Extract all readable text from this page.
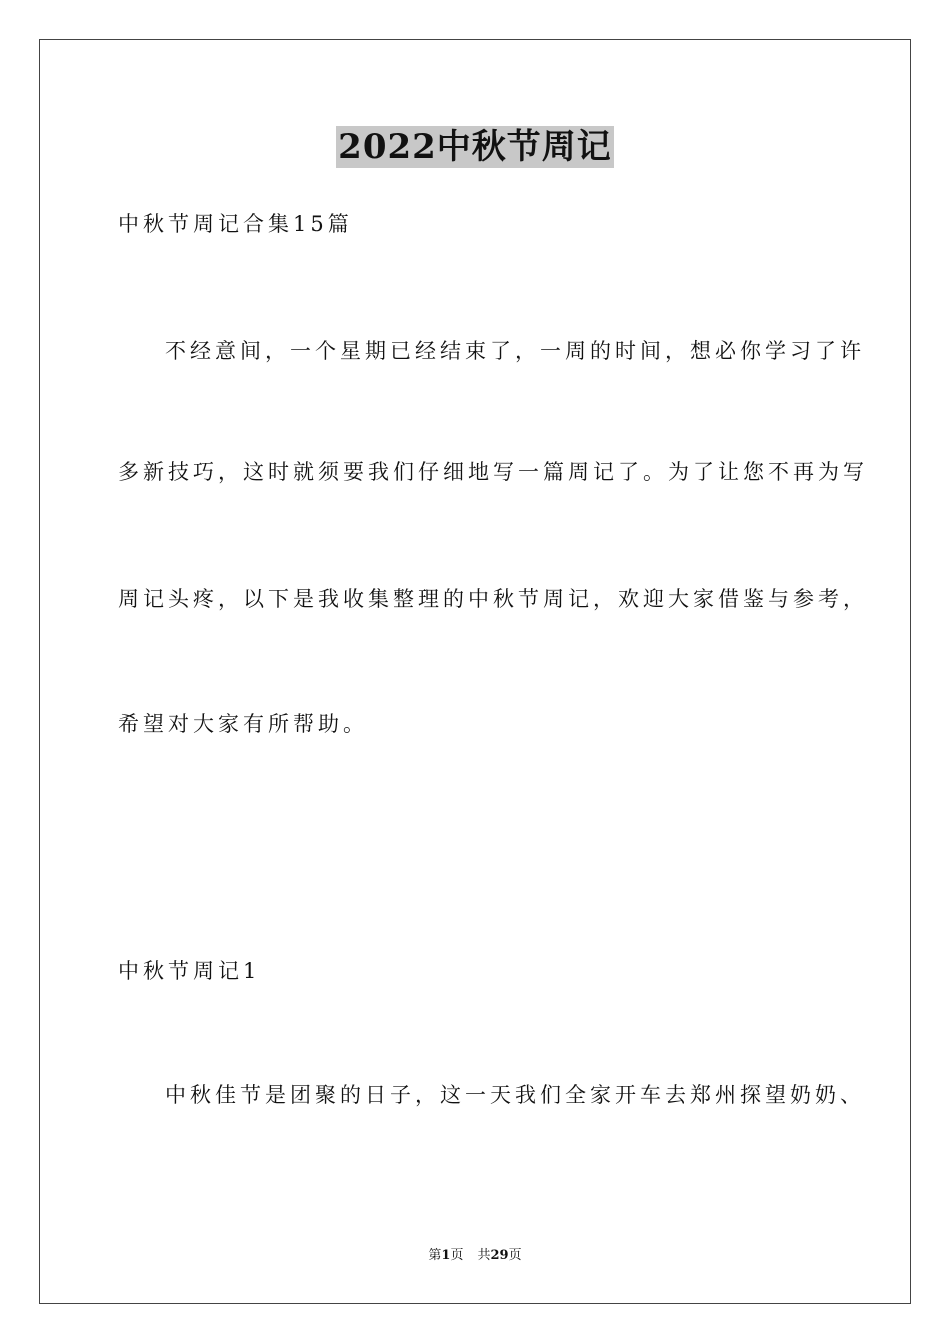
2022中秋节周记
中秋节周记合集15篇
不经意间，一个星期已经结束了，一周的时间，想必你学习了许
多新技巧，这时就须要我们仔细地写一篇周记了。为了让您不再为写
周记头疼，以下是我收集整理的中秋节周记，欢迎大家借鉴与参考，
希望对大家有所帮助。
中秋节周记1
中秋佳节是团聚的日子，这一天我们全家开车去郑州探望奶奶、
第1页 共29页
